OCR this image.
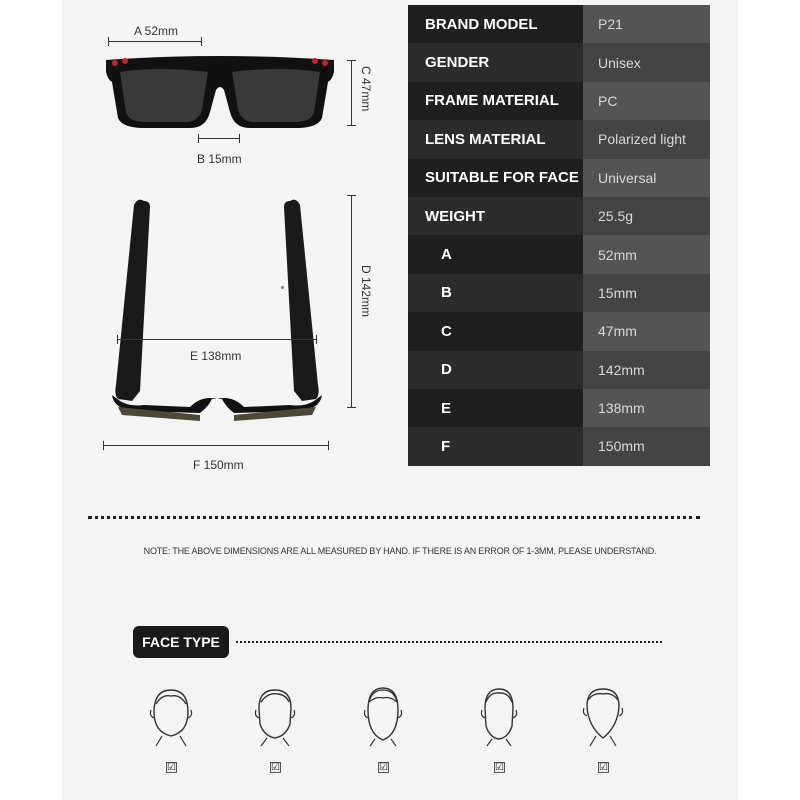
A 52mm
B 15mm
C 47mm
D 142mm
E 138mm
F 150mm
BRAND MODEL	P21
GENDER	Unisex
FRAME MATERIAL	PC
LENS MATERIAL	Polarized light
SUITABLE FOR FACE	Universal
WEIGHT	25.5g
A	52mm
B	15mm
C	47mm
D	142mm
E	138mm
F	150mm
NOTE: THE ABOVE DIMENSIONS ARE ALL MEASURED BY HAND. IF THERE IS AN ERROR OF 1-3MM, PLEASE UNDERSTAND.
FACE TYPE
☑	☑	☑	☑	☑
